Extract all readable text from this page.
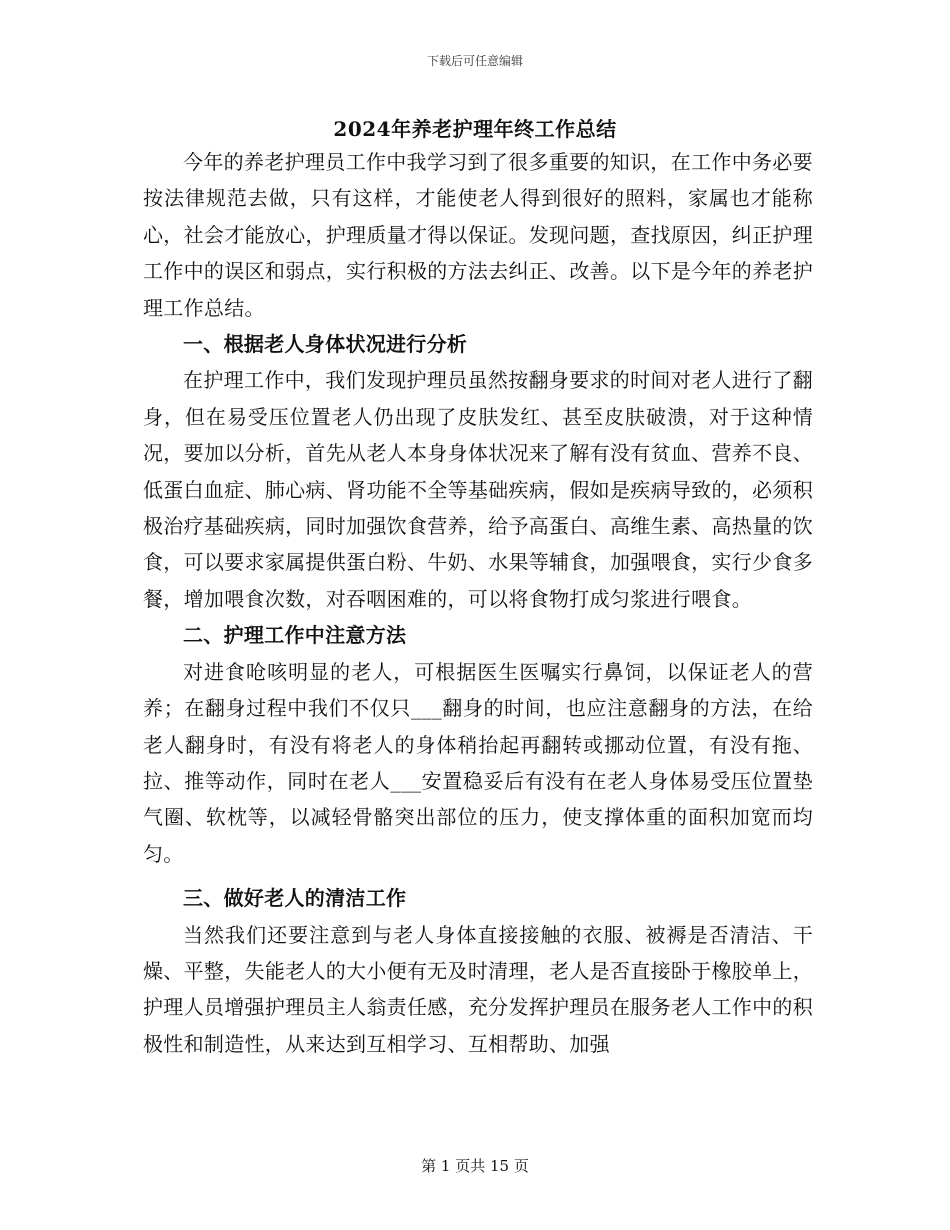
下载后可任意编辑
2024年养老护理年终工作总结

今年的养老护理员工作中我学习到了很多重要的知识，在工作中务必要按法律规范去做，只有这样，才能使老人得到很好的照料，家属也才能称心，社会才能放心，护理质量才得以保证。发现问题，查找原因，纠正护理工作中的误区和弱点，实行积极的方法去纠正、改善。以下是今年的养老护理工作总结。

一、根据老人身体状况进行分析

在护理工作中，我们发现护理员虽然按翻身要求的时间对老人进行了翻身，但在易受压位置老人仍出现了皮肤发红、甚至皮肤破溃，对于这种情况，要加以分析，首先从老人本身身体状况来了解有没有贫血、营养不良、低蛋白血症、肺心病、肾功能不全等基础疾病，假如是疾病导致的，必须积极治疗基础疾病，同时加强饮食营养，给予高蛋白、高维生素、高热量的饮食，可以要求家属提供蛋白粉、牛奶、水果等辅食，加强喂食，实行少食多餐，增加喂食次数，对吞咽困难的，可以将食物打成匀浆进行喂食。

二、护理工作中注意方法

对进食呛咳明显的老人，可根据医生医嘱实行鼻饲，以保证老人的营养；在翻身过程中我们不仅只___翻身的时间，也应注意翻身的方法，在给老人翻身时，有没有将老人的身体稍抬起再翻转或挪动位置，有没有拖、拉、推等动作，同时在老人___安置稳妥后有没有在老人身体易受压位置垫气圈、软枕等，以减轻骨骼突出部位的压力，使支撑体重的面积加宽而均匀。

三、做好老人的清洁工作

当然我们还要注意到与老人身体直接接触的衣服、被褥是否清洁、干燥、平整，失能老人的大小便有无及时清理，老人是否直接卧于橡胶单上，护理人员增强护理员主人翁责任感，充分发挥护理员在服务老人工作中的积极性和制造性，从来达到互相学习、互相帮助、加强

第 1 页共 15 页
